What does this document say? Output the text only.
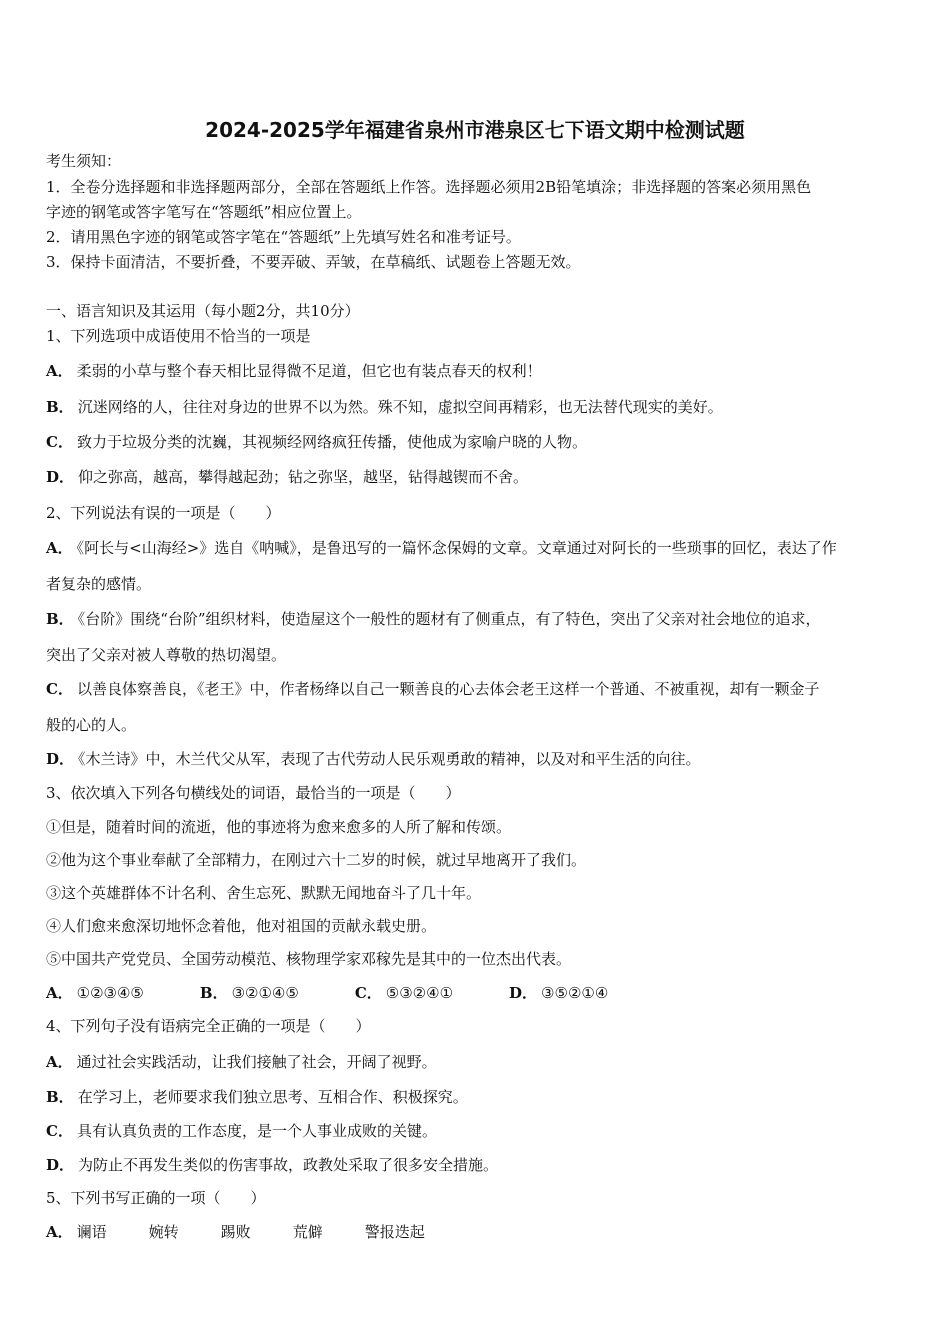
2024-2025学年福建省泉州市港泉区七下语文期中检测试题
考生须知：
1．全卷分选择题和非选择题两部分，全部在答题纸上作答。选择题必须用2B铅笔填涂；非选择题的答案必须用黑色
字迹的钢笔或答字笔写在“答题纸”相应位置上。
2．请用黑色字迹的钢笔或答字笔在“答题纸”上先填写姓名和准考证号。
3．保持卡面清洁，不要折叠，不要弄破、弄皱，在草稿纸、试题卷上答题无效。
一、语言知识及其运用（每小题2分，共10分）
1、下列选项中成语使用不恰当的一项是
A． 柔弱的小草与整个春天相比显得微不足道，但它也有装点春天的权利！
B． 沉迷网络的人，往往对身边的世界不以为然。殊不知，虚拟空间再精彩，也无法替代现实的美好。
C． 致力于垃圾分类的沈巍，其视频经网络疯狂传播，使他成为家喻户晓的人物。
D． 仰之弥高，越高，攀得越起劲；钻之弥坚，越坚，钻得越锲而不舍。
2、下列说法有误的一项是（　　）
A． 《阿长与<山海经>》选自《呐喊》，是鲁迅写的一篇怀念保姆的文章。文章通过对阿长的一些琐事的回忆，表达了作
者复杂的感情。
B． 《台阶》围绕“台阶”组织材料，使造屋这个一般性的题材有了侧重点，有了特色，突出了父亲对社会地位的追求，
突出了父亲对被人尊敬的热切渴望。
C． 以善良体察善良，《老王》中，作者杨绛以自己一颗善良的心去体会老王这样一个普通、不被重视，却有一颗金子
般的心的人。
D． 《木兰诗》中，木兰代父从军，表现了古代劳动人民乐观勇敢的精神，以及对和平生活的向往。
3、依次填入下列各句横线处的词语，最恰当的一项是（　　）
①但是，随着时间的流逝，他的事迹将为愈来愈多的人所了解和传颂。
②他为这个事业奉献了全部精力，在刚过六十二岁的时候，就过早地离开了我们。
③这个英雄群体不计名利、舍生忘死、默默无闻地奋斗了几十年。
④人们愈来愈深切地怀念着他，他对祖国的贡献永载史册。
⑤中国共产党党员、全国劳动模范、核物理学家邓稼先是其中的一位杰出代表。
A． ①②③④⑤	B． ③②①④⑤	C． ⑤③②④①	D． ③⑤②①④
4、下列句子没有语病完全正确的一项是（　　）
A． 通过社会实践活动，让我们接触了社会，开阔了视野。
B． 在学习上，老师要求我们独立思考、互相合作、积极探究。
C． 具有认真负责的工作态度，是一个人事业成败的关键。
D． 为防止不再发生类似的伤害事故，政教处采取了很多安全措施。
5、下列书写正确的一项（　　）
A． 谰语	婉转	踢败	荒僻	警报迭起
